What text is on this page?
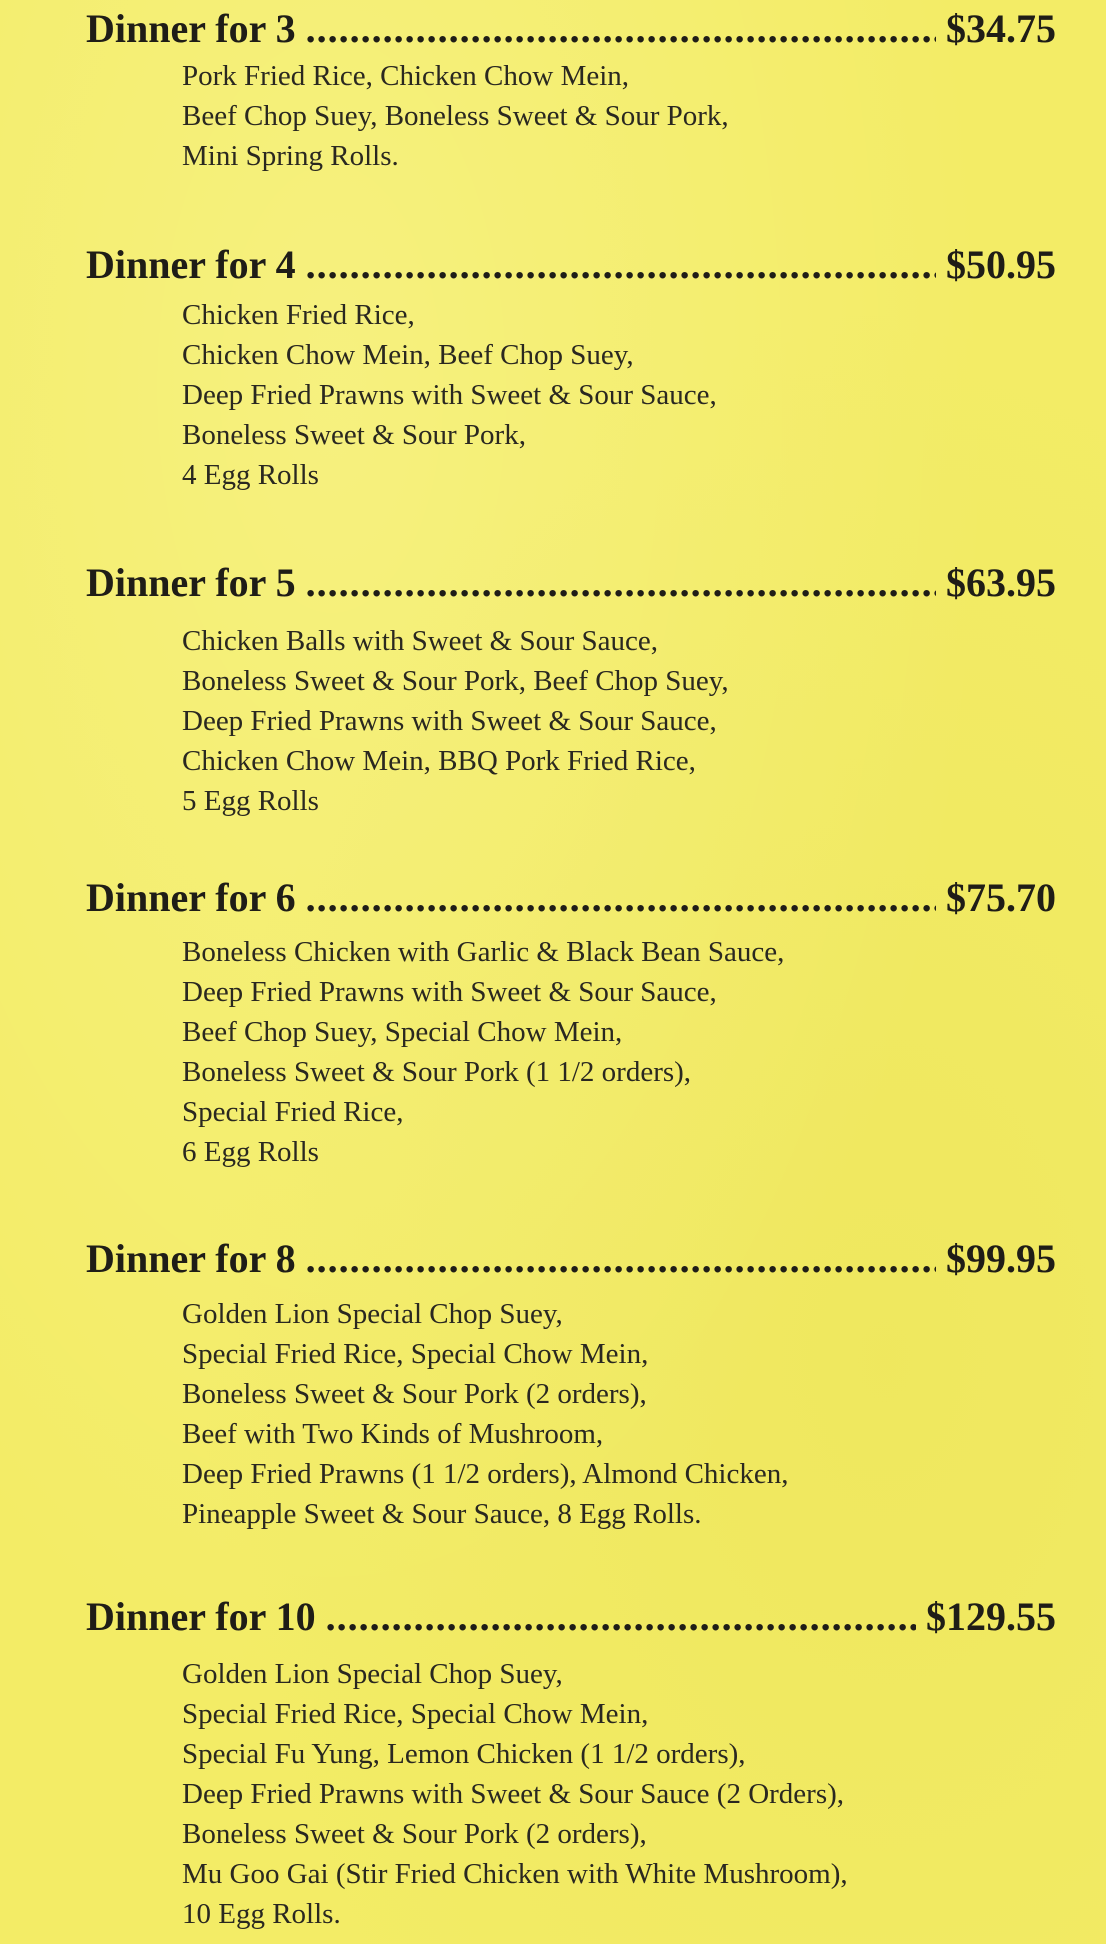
Dinner for 3 .....	$34.75
Pork Fried Rice, Chicken Chow Mein,
Beef Chop Suey, Boneless Sweet & Sour Pork,
Mini Spring Rolls.
Dinner for 4 .....	$50.95
Chicken Fried Rice,
Chicken Chow Mein, Beef Chop Suey,
Deep Fried Prawns with Sweet & Sour Sauce,
Boneless Sweet & Sour Pork,
4 Egg Rolls
Dinner for 5 .....	$63.95
Chicken Balls with Sweet & Sour Sauce,
Boneless Sweet & Sour Pork, Beef Chop Suey,
Deep Fried Prawns with Sweet & Sour Sauce,
Chicken Chow Mein, BBQ Pork Fried Rice,
5 Egg Rolls
Dinner for 6 .....	$75.70
Boneless Chicken with Garlic & Black Bean Sauce,
Deep Fried Prawns with Sweet & Sour Sauce,
Beef Chop Suey, Special Chow Mein,
Boneless Sweet & Sour Pork (1 1/2 orders),
Special Fried Rice,
6 Egg Rolls
Dinner for 8 .....	$99.95
Golden Lion Special Chop Suey,
Special Fried Rice, Special Chow Mein,
Boneless Sweet & Sour Pork (2 orders),
Beef with Two Kinds of Mushroom,
Deep Fried Prawns (1 1/2 orders), Almond Chicken,
Pineapple Sweet & Sour Sauce, 8 Egg Rolls.
Dinner for 10 .....	$129.55
Golden Lion Special Chop Suey,
Special Fried Rice, Special Chow Mein,
Special Fu Yung, Lemon Chicken (1 1/2 orders),
Deep Fried Prawns with Sweet & Sour Sauce (2 Orders),
Boneless Sweet & Sour Pork (2 orders),
Mu Goo Gai (Stir Fried Chicken with White Mushroom),
10 Egg Rolls.
